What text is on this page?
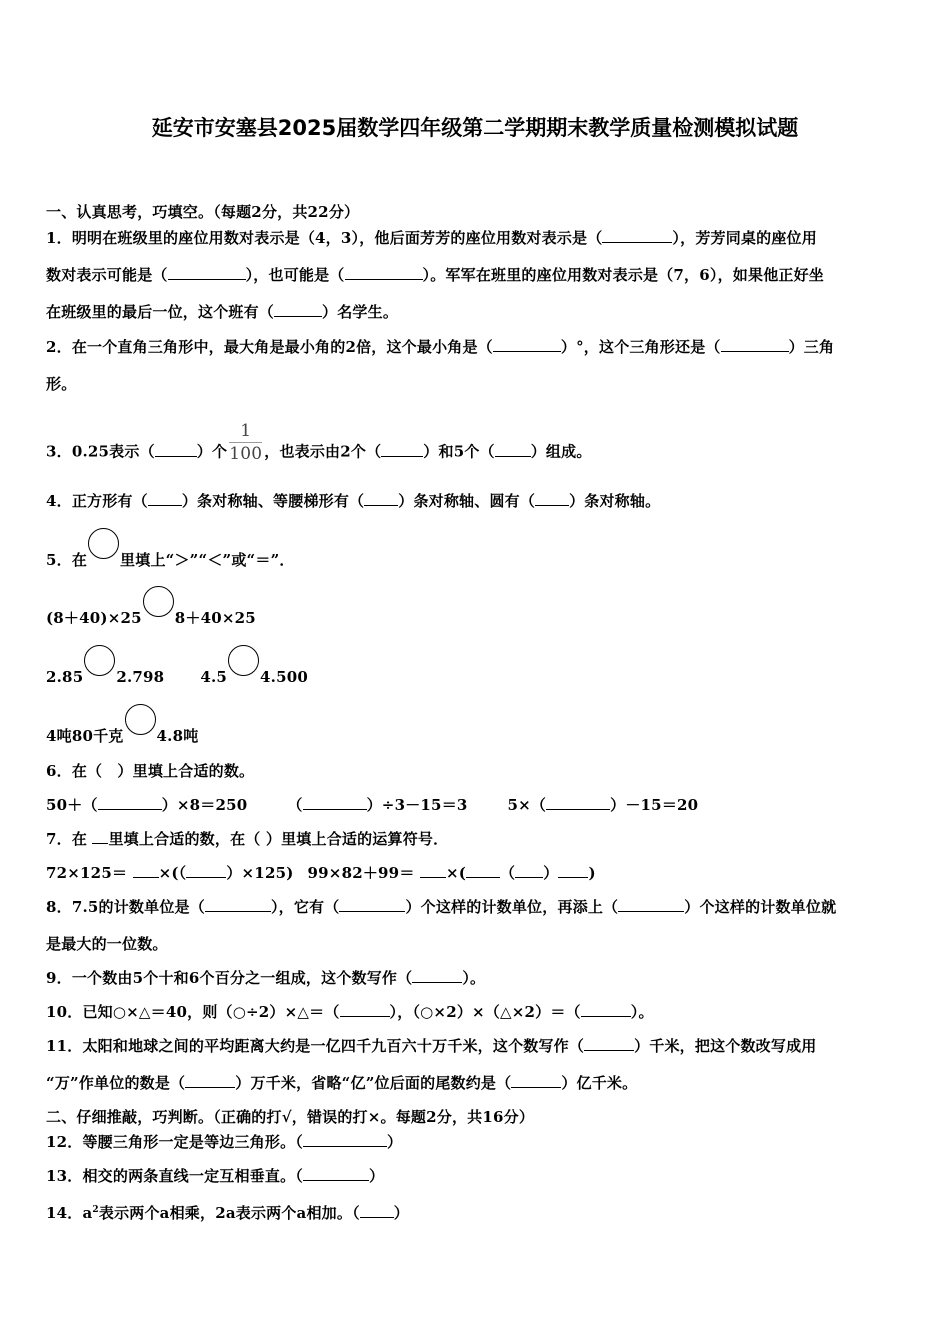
延安市安塞县2025届数学四年级第二学期期末教学质量检测模拟试题
一、认真思考，巧填空。（每题2分，共22分）
1．明明在班级里的座位用数对表示是（4，3），他后面芳芳的座位用数对表示是（	），芳芳同桌的座位用
数对表示可能是（	），也可能是（	）。军军在班里的座位用数对表示是（7，6），如果他正好坐
在班级里的最后一位，这个班有（	）名学生。
2．在一个直角三角形中，最大角是最小角的2倍，这个最小角是（	）°，这个三角形还是（	）三角
形。
3．0.25表示（	）个 $\frac{1}{100}$ ，也表示由2个（	）和5个（ ）组成。
4．正方形有（ ）条对称轴、等腰梯形有（ ）条对称轴、圆有（ ）条对称轴。
5．在 里填上“＞”“＜”或“＝”．
(8＋40)×25 8＋40×25
2.85 2.798 4.5 4.500
4吨80千克 4.8吨
6．在（　）里填上合适的数。
50＋（	）×8＝250	（	）÷3－15＝3	5×（	）－15＝20
7．在 里填上合适的数，在（ ）里填上合适的运算符号．
72×125＝ ×(（	）×125) 99×82＋99＝ ×( （ ） )
8．7.5的计数单位是（	），它有（	）个这样的计数单位，再添上（	）个这样的计数单位就
是最大的一位数。
9．一个数由5个十和6个百分之一组成，这个数写作（	）。
10．已知○×△＝40，则（○÷2）×△＝（	），（○×2）×（△×2）＝（	）。
11．太阳和地球之间的平均距离大约是一亿四千九百六十万千米，这个数写作（	）千米，把这个数改写成用
“万”作单位的数是（	）万千米，省略“亿”位后面的尾数约是（	）亿千米。
二、仔细推敲，巧判断。（正确的打√，错误的打×。每题2分，共16分）
12．等腰三角形一定是等边三角形。（	）
13．相交的两条直线一定互相垂直。（	）
14．$a^2$表示两个a相乘，2a表示两个a相加。（ ）
